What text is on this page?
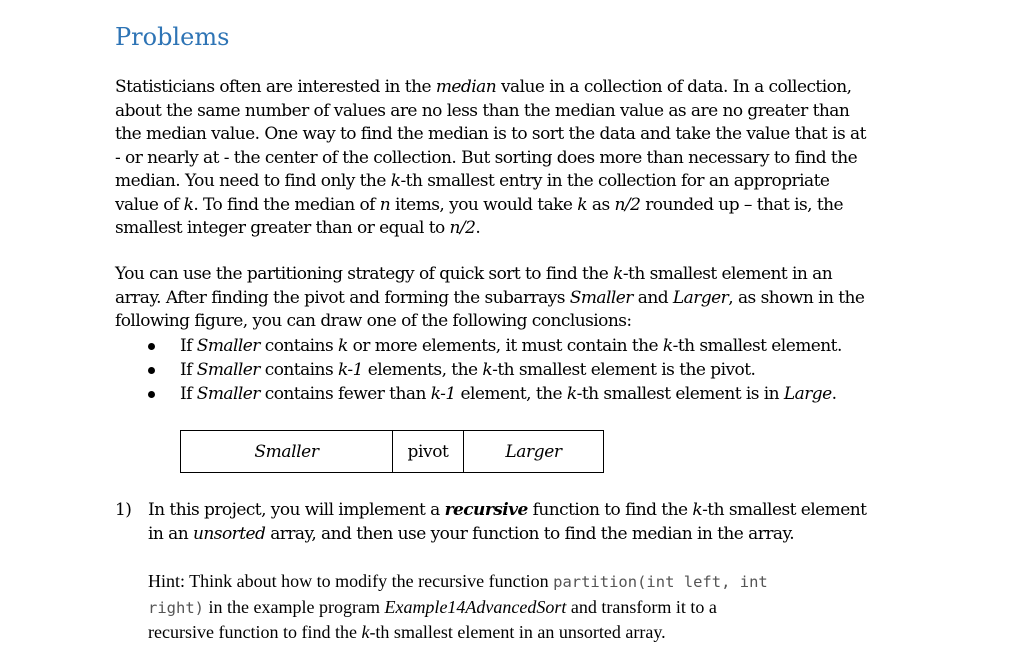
Problems
Statisticians often are interested in the median value in a collection of data. In a collection,
about the same number of values are no less than the median value as are no greater than
the median value. One way to find the median is to sort the data and take the value that is at
- or nearly at - the center of the collection. But sorting does more than necessary to find the
median. You need to find only the k-th smallest entry in the collection for an appropriate
value of k. To find the median of n items, you would take k as n/2 rounded up – that is, the
smallest integer greater than or equal to n/2.
You can use the partitioning strategy of quick sort to find the k-th smallest element in an
array. After finding the pivot and forming the subarrays Smaller and Larger, as shown in the
following figure, you can draw one of the following conclusions:
If Smaller contains k or more elements, it must contain the k-th smallest element.
If Smaller contains k-1 elements, the k-th smallest element is the pivot.
If Smaller contains fewer than k-1 element, the k-th smallest element is in Large.
Smaller	pivot	Larger
1) In this project, you will implement a recursive function to find the k-th smallest element
in an unsorted array, and then use your function to find the median in the array.
Hint: Think about how to modify the recursive function partition(int left, int
right) in the example program Example14AdvancedSort and transform it to a
recursive function to find the k-th smallest element in an unsorted array.
